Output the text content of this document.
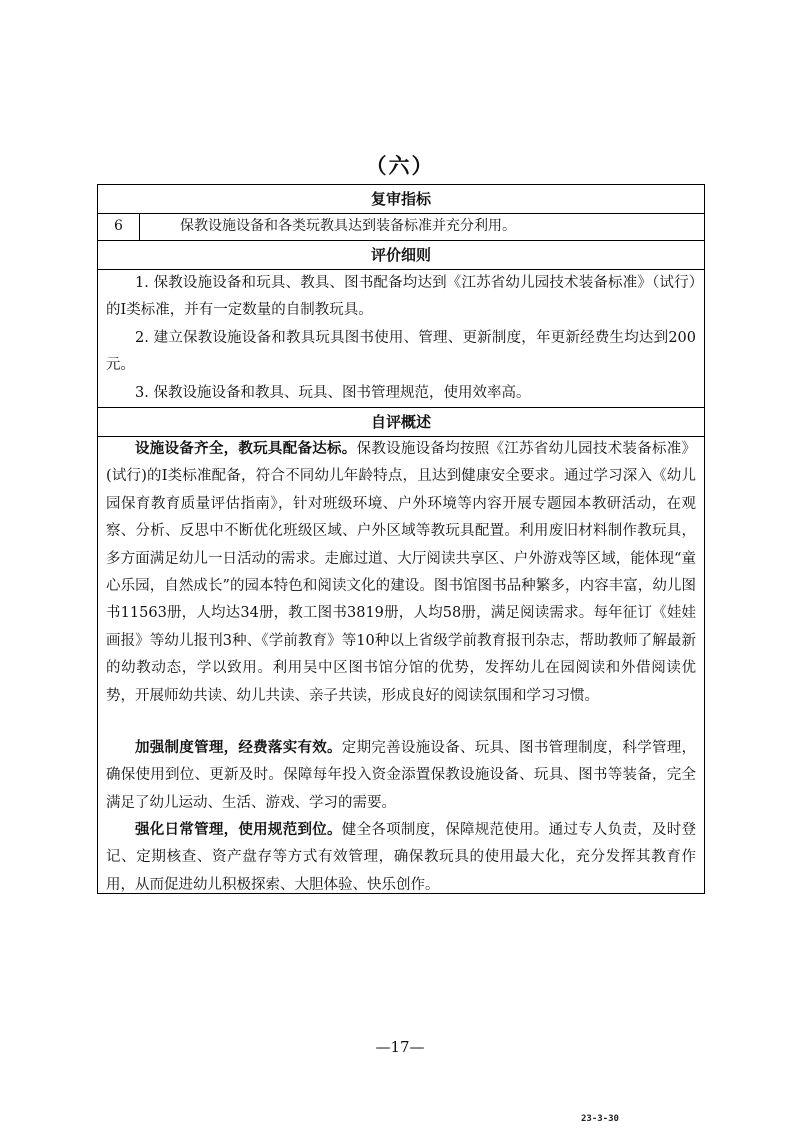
（六）
复审指标
6	保教设施设备和各类玩教具达到装备标准并充分利用。
评价细则

1. 保教设施设备和玩具、教具、图书配备均达到《江苏省幼儿园技术装备标准》（试行）的Ⅰ类标准，并有一定数量的自制教玩具。

2. 建立保教设施设备和教具玩具图书使用、管理、更新制度，年更新经费生均达到200元。

3. 保教设施设备和教具、玩具、图书管理规范，使用效率高。

自评概述

设施设备齐全，教玩具配备达标。保教设施设备均按照《江苏省幼儿园技术装备标准》(试行)的Ⅰ类标准配备，符合不同幼儿年龄特点，且达到健康安全要求。通过学习深入《幼儿园保育教育质量评估指南》，针对班级环境、户外环境等内容开展专题园本教研活动，在观察、分析、反思中不断优化班级区域、户外区域等教玩具配置。利用废旧材料制作教玩具，多方面满足幼儿一日活动的需求。走廊过道、大厅阅读共享区、户外游戏等区域，能体现“童心乐园，自然成长”的园本特色和阅读文化的建设。图书馆图书品种繁多，内容丰富，幼儿图书11563册，人均达34册，教工图书3819册，人均58册，满足阅读需求。每年征订《娃娃画报》等幼儿报刊3种、《学前教育》等10种以上省级学前教育报刊杂志，帮助教师了解最新的幼教动态，学以致用。利用吴中区图书馆分馆的优势，发挥幼儿在园阅读和外借阅读优势，开展师幼共读、幼儿共读、亲子共读，形成良好的阅读氛围和学习习惯。

加强制度管理，经费落实有效。定期完善设施设备、玩具、图书管理制度，科学管理，确保使用到位、更新及时。保障每年投入资金添置保教设施设备、玩具、图书等装备，完全满足了幼儿运动、生活、游戏、学习的需要。

强化日常管理，使用规范到位。健全各项制度，保障规范使用。通过专人负责，及时登记、定期核查、资产盘存等方式有效管理，确保教玩具的使用最大化，充分发挥其教育作用，从而促进幼儿积极探索、大胆体验、快乐创作。

—17—
23-3-30
